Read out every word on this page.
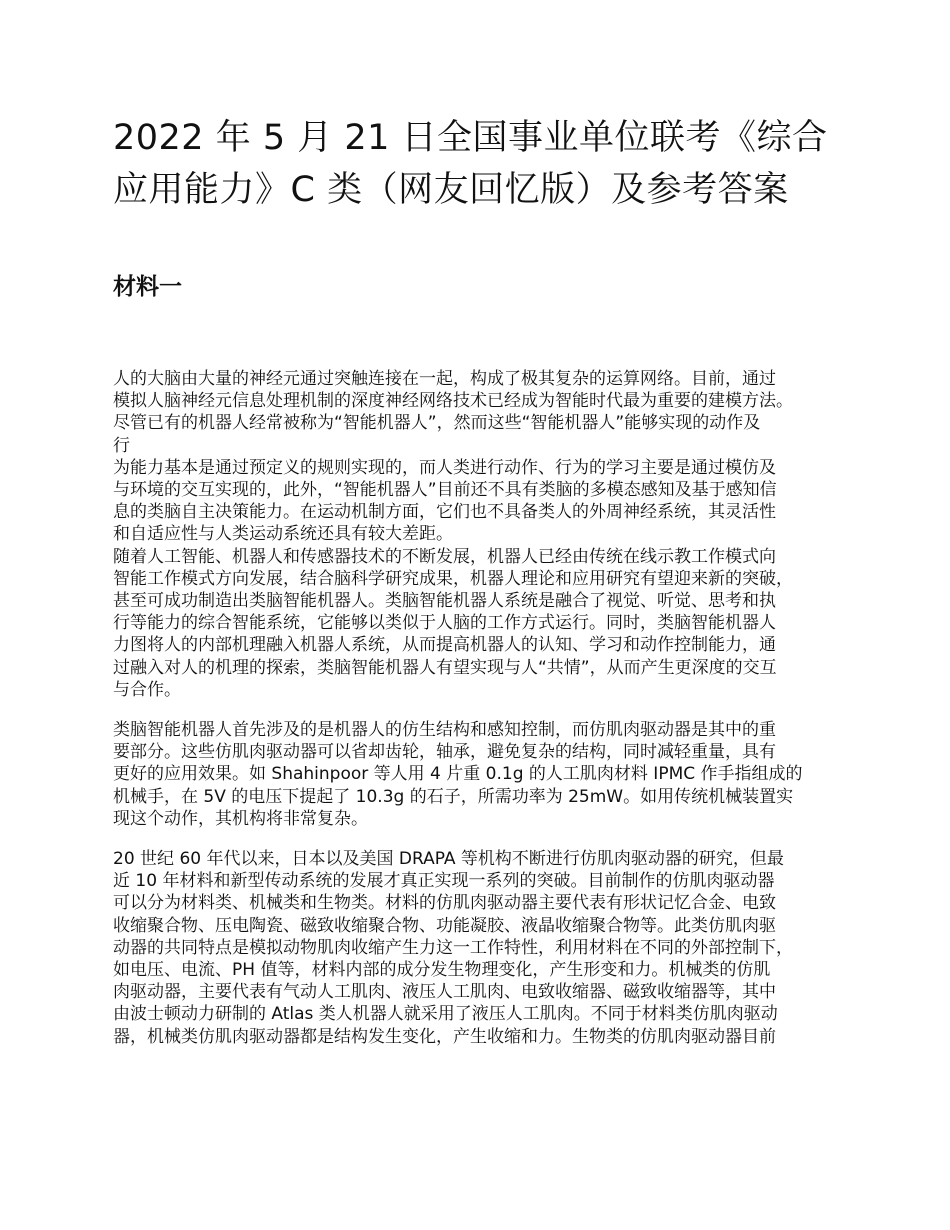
2022 年 5 月 21 日全国事业单位联考《综合
应用能力》C 类（网友回忆版）及参考答案
材料一
人的大脑由大量的神经元通过突触连接在一起，构成了极其复杂的运算网络。目前，通过
模拟人脑神经元信息处理机制的深度神经网络技术已经成为智能时代最为重要的建模方法。
尽管已有的机器人经常被称为“智能机器人”，然而这些“智能机器人”能够实现的动作及
行
为能力基本是通过预定义的规则实现的，而人类进行动作、行为的学习主要是通过模仿及
与环境的交互实现的，此外，“智能机器人”目前还不具有类脑的多模态感知及基于感知信
息的类脑自主决策能力。在运动机制方面，它们也不具备类人的外周神经系统，其灵活性
和自适应性与人类运动系统还具有较大差距。
随着人工智能、机器人和传感器技术的不断发展，机器人已经由传统在线示教工作模式向
智能工作模式方向发展，结合脑科学研究成果，机器人理论和应用研究有望迎来新的突破，
甚至可成功制造出类脑智能机器人。类脑智能机器人系统是融合了视觉、听觉、思考和执
行等能力的综合智能系统，它能够以类似于人脑的工作方式运行。同时，类脑智能机器人
力图将人的内部机理融入机器人系统，从而提高机器人的认知、学习和动作控制能力，通
过融入对人的机理的探索，类脑智能机器人有望实现与人“共情”，从而产生更深度的交互
与合作。
类脑智能机器人首先涉及的是机器人的仿生结构和感知控制，而仿肌肉驱动器是其中的重
要部分。这些仿肌肉驱动器可以省却齿轮，轴承，避免复杂的结构，同时减轻重量，具有
更好的应用效果。如 Shahinpoor 等人用 4 片重 0.1g 的人工肌肉材料 IPMC 作手指组成的
机械手，在 5V 的电压下提起了 10.3g 的石子，所需功率为 25mW。如用传统机械装置实
现这个动作，其机构将非常复杂。
20 世纪 60 年代以来，日本以及美国 DRAPA 等机构不断进行仿肌肉驱动器的研究，但最
近 10 年材料和新型传动系统的发展才真正实现一系列的突破。目前制作的仿肌肉驱动器
可以分为材料类、机械类和生物类。材料的仿肌肉驱动器主要代表有形状记忆合金、电致
收缩聚合物、压电陶瓷、磁致收缩聚合物、功能凝胶、液晶收缩聚合物等。此类仿肌肉驱
动器的共同特点是模拟动物肌肉收缩产生力这一工作特性，利用材料在不同的外部控制下，
如电压、电流、PH 值等，材料内部的成分发生物理变化，产生形变和力。机械类的仿肌
肉驱动器，主要代表有气动人工肌肉、液压人工肌肉、电致收缩器、磁致收缩器等，其中
由波士顿动力研制的 Atlas 类人机器人就采用了液压人工肌肉。不同于材料类仿肌肉驱动
器，机械类仿肌肉驱动器都是结构发生变化，产生收缩和力。生物类的仿肌肉驱动器目前
